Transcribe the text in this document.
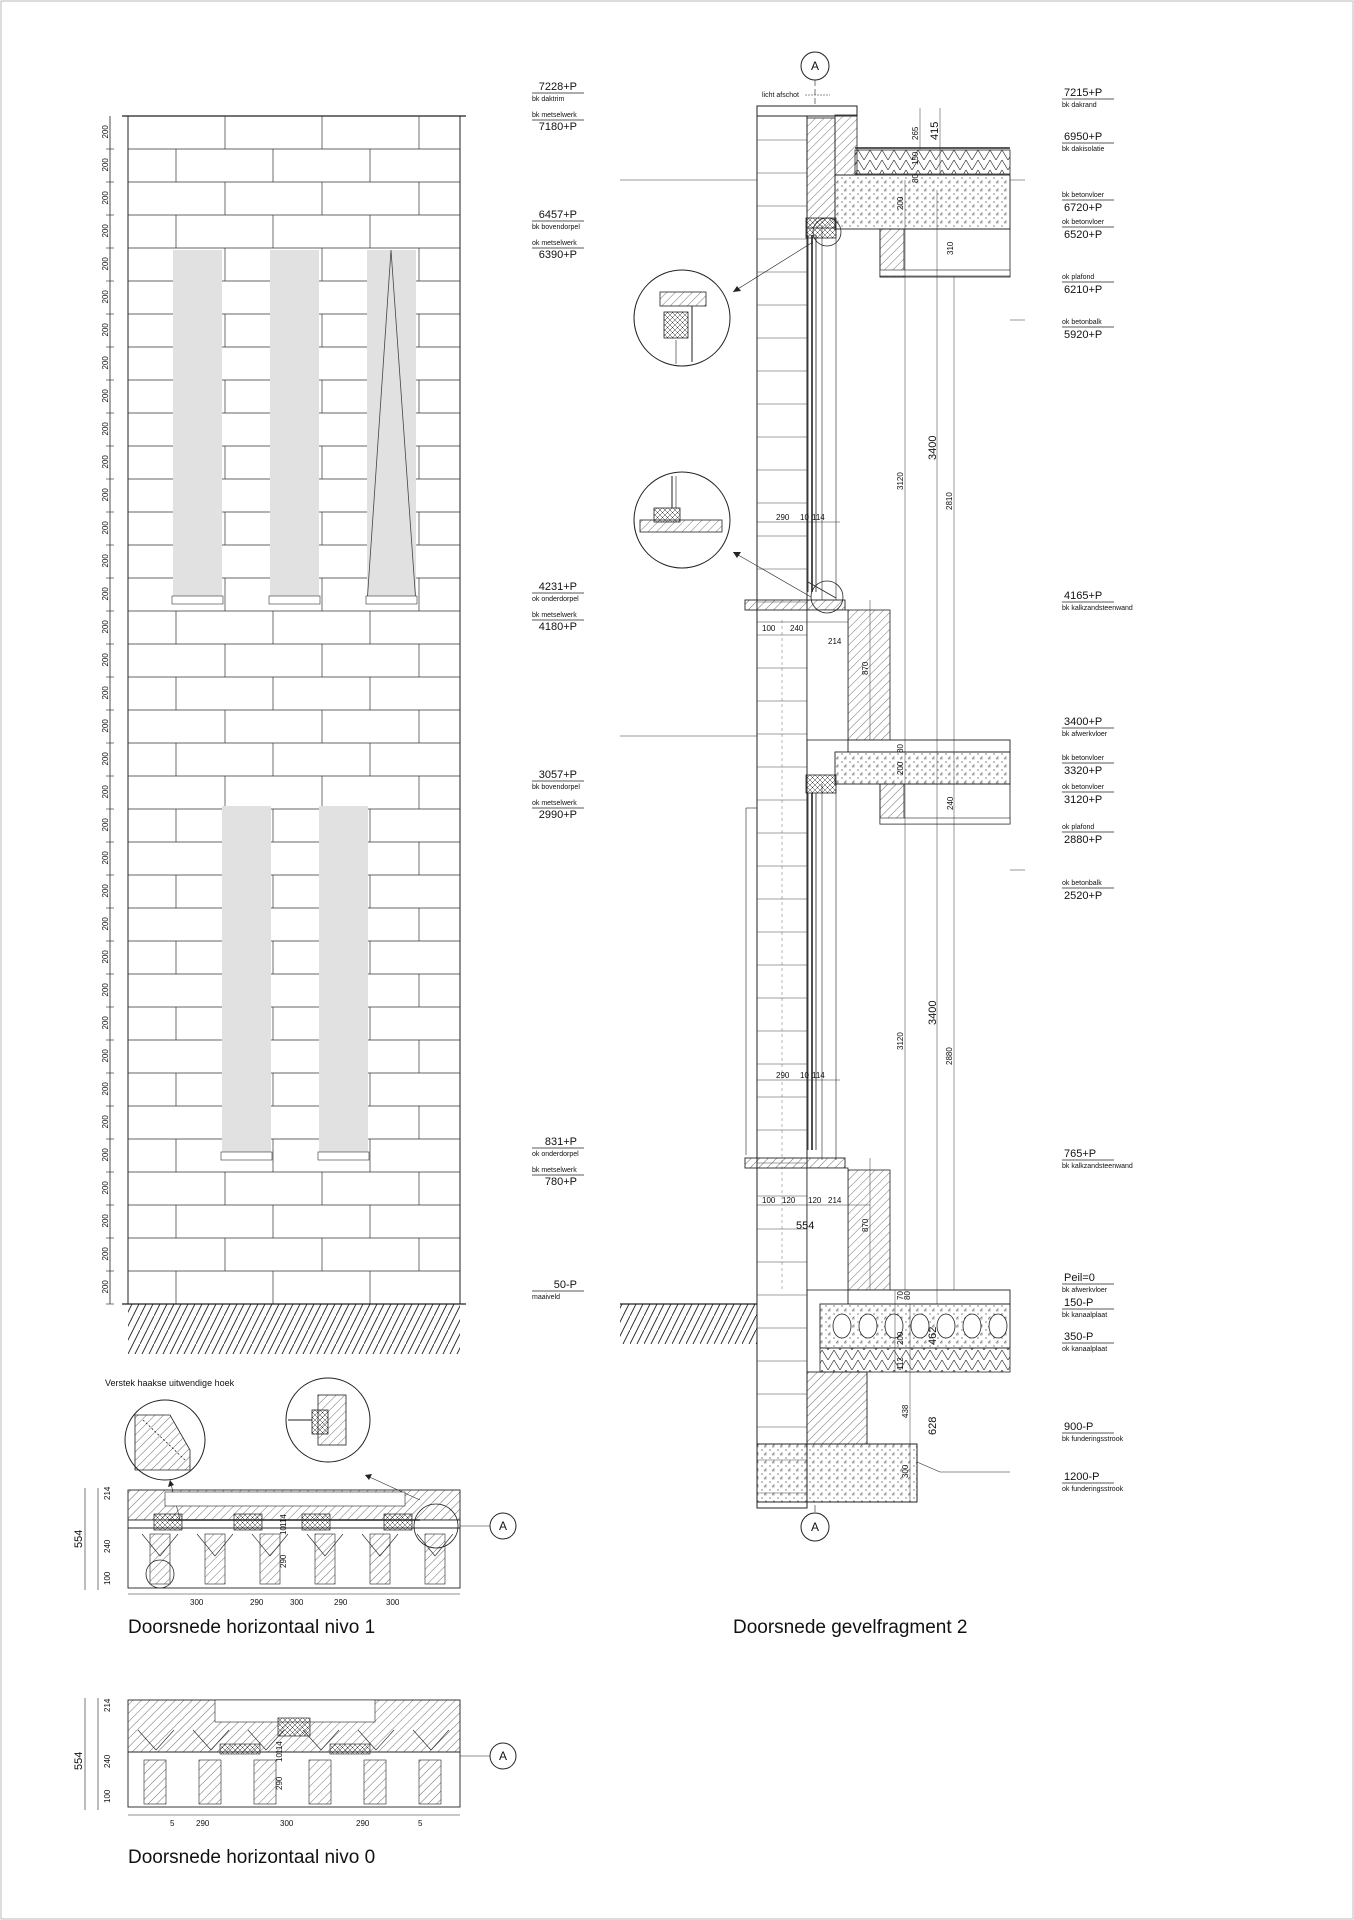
200
200
200
200
200
200
200
200
200
200
200
200
200
200
200
200
200
200
200
200
200
200
200
200
200
200
200
200
200
200
200
200
200
200
200
200
7228+P
bk daktrim
bk metselwerk
7180+P
6457+P
bk bovendorpel
ok metselwerk
6390+P
4231+P
ok onderdorpel
bk metselwerk
4180+P
3057+P
bk bovendorpel
ok metselwerk
2990+P
831+P
ok onderdorpel
bk metselwerk
780+P
50-P
maaiveld
A
licht afschot
A
265
150
80
415
200
310
3400
3120
2810
290 10 114
100 240
214
870
80
200
240
3400
3120
2880
290 10 114
100 120 120 214
554	870
70
80
200 462
112
438
628
300
7215+P
bk dakrand
6950+P
bk dakisolatie
bk betonvloer
6720+P
ok betonvloer
6520+P
ok plafond
6210+P
ok betonbalk
5920+P
4165+P
bk kalkzandsteenwand
3400+P
bk afwerkvloer
bk betonvloer
3320+P
ok betonvloer
3120+P
ok plafond
2880+P
ok betonbalk
2520+P
765+P
bk kalkzandsteenwand
Peil=0
bk afwerkvloer
150-P
bk kanaalplaat
350-P
ok kanaalplaat
900-P
bk funderingsstrook
1200-P
ok funderingsstrook
Verstek haakse uitwendige hoek
A
214
240
100
554
300	290	300	290	300
290
10
114
Doorsnede horizontaal nivo 1
A
214
240
100
554
5	290	300	290	5
290
10
114
Doorsnede horizontaal nivo 0
Doorsnede gevelfragment 2
